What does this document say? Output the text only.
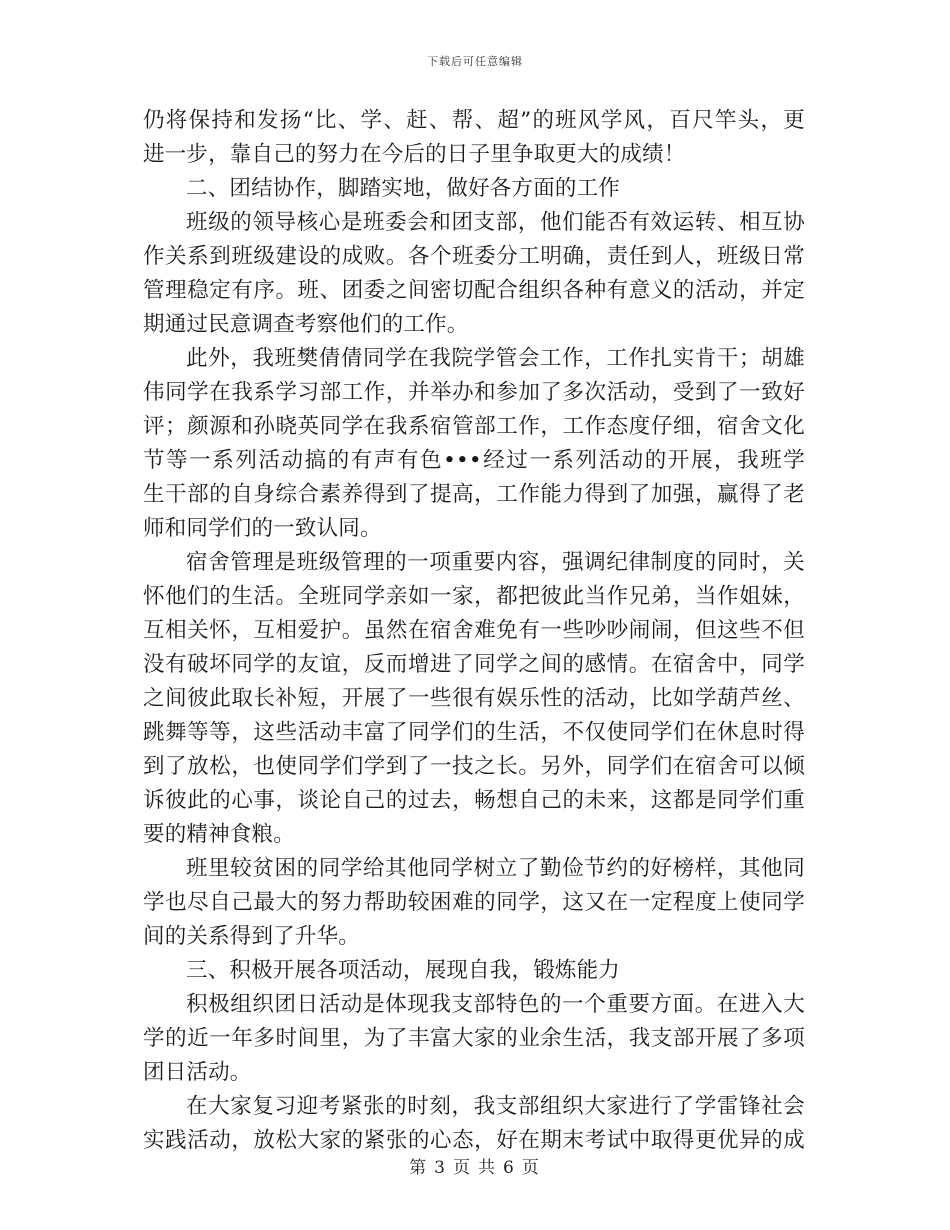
下载后可任意编辑
仍将保持和发扬“比、学、赶、帮、超”的班风学风，百尺竿头，更
进一步，靠自己的努力在今后的日子里争取更大的成绩！
二、团结协作，脚踏实地，做好各方面的工作
班级的领导核心是班委会和团支部，他们能否有效运转、相互协
作关系到班级建设的成败。各个班委分工明确，责任到人，班级日常
管理稳定有序。班、团委之间密切配合组织各种有意义的活动，并定
期通过民意调查考察他们的工作。
此外，我班樊倩倩同学在我院学管会工作，工作扎实肯干；胡雄
伟同学在我系学习部工作，并举办和参加了多次活动，受到了一致好
评；颜源和孙晓英同学在我系宿管部工作，工作态度仔细，宿舍文化
节等一系列活动搞的有声有色•••经过一系列活动的开展，我班学
生干部的自身综合素养得到了提高，工作能力得到了加强，赢得了老
师和同学们的一致认同。
宿舍管理是班级管理的一项重要内容，强调纪律制度的同时，关
怀他们的生活。全班同学亲如一家，都把彼此当作兄弟，当作姐妹，
互相关怀，互相爱护。虽然在宿舍难免有一些吵吵闹闹，但这些不但
没有破坏同学的友谊，反而增进了同学之间的感情。在宿舍中，同学
之间彼此取长补短，开展了一些很有娱乐性的活动，比如学葫芦丝、
跳舞等等，这些活动丰富了同学们的生活，不仅使同学们在休息时得
到了放松，也使同学们学到了一技之长。另外，同学们在宿舍可以倾
诉彼此的心事，谈论自己的过去，畅想自己的未来，这都是同学们重
要的精神食粮。
班里较贫困的同学给其他同学树立了勤俭节约的好榜样，其他同
学也尽自己最大的努力帮助较困难的同学，这又在一定程度上使同学
间的关系得到了升华。
三、积极开展各项活动，展现自我，锻炼能力
积极组织团日活动是体现我支部特色的一个重要方面。在进入大
学的近一年多时间里，为了丰富大家的业余生活，我支部开展了多项
团日活动。
在大家复习迎考紧张的时刻，我支部组织大家进行了学雷锋社会
实践活动，放松大家的紧张的心态，好在期末考试中取得更优异的成
第 3 页 共 6 页
